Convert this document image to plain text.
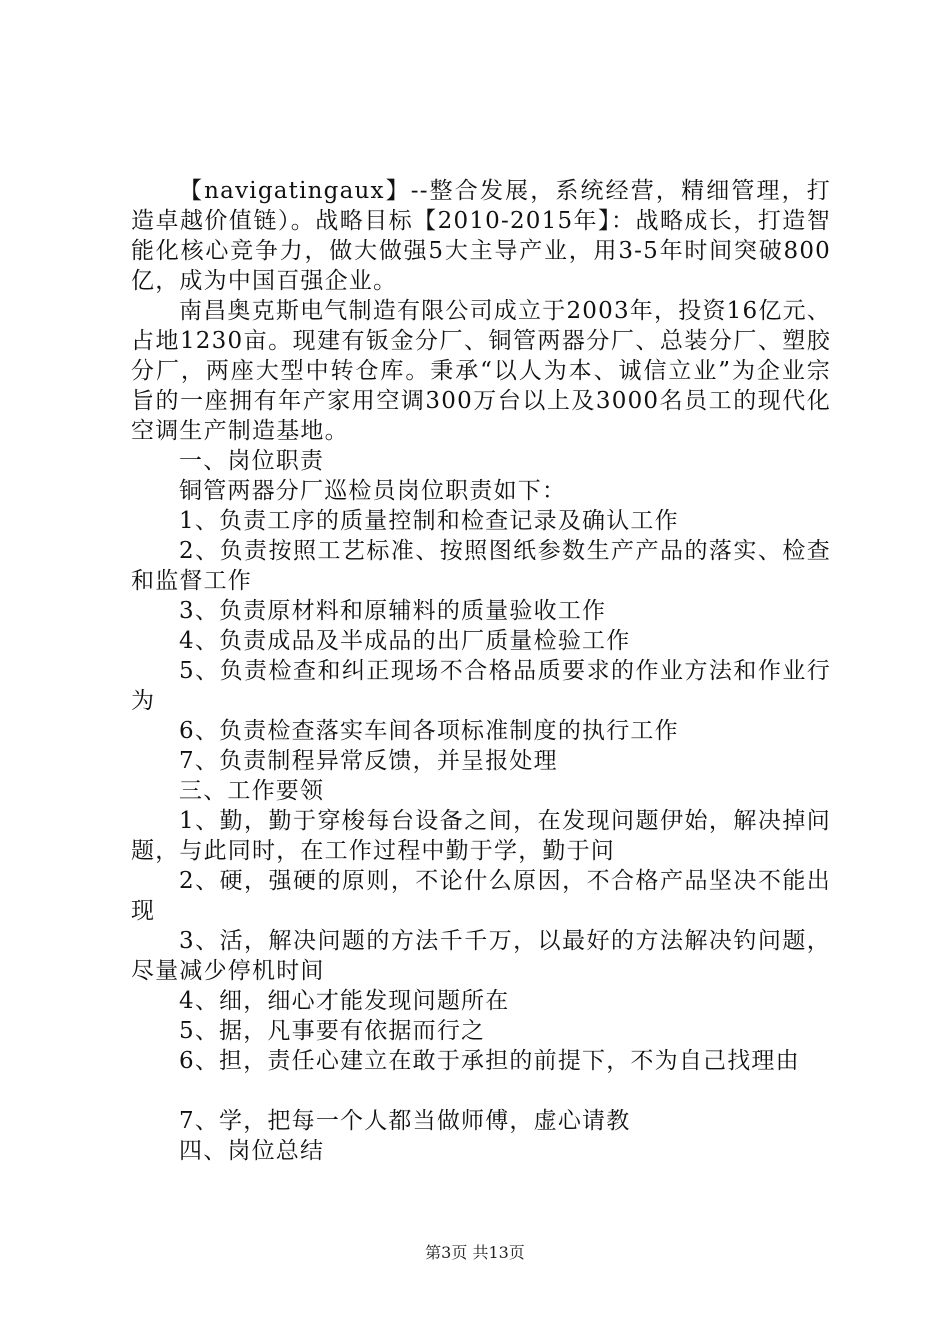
【navigatingaux】--整合发展，系统经营，精细管理，打造卓越价值链）。战略目标【2010-2015年】：战略成长，打造智能化核心竞争力，做大做强5大主导产业，用3-5年时间突破800亿，成为中国百强企业。

南昌奥克斯电气制造有限公司成立于2003年，投资16亿元、占地1230亩。现建有钣金分厂、铜管两器分厂、总装分厂、塑胶分厂，两座大型中转仓库。秉承“以人为本、诚信立业”为企业宗旨的一座拥有年产家用空调300万台以上及3000名员工的现代化空调生产制造基地。

一、岗位职责

铜管两器分厂巡检员岗位职责如下：

1、负责工序的质量控制和检查记录及确认工作

2、负责按照工艺标准、按照图纸参数生产产品的落实、检查和监督工作

3、负责原材料和原辅料的质量验收工作

4、负责成品及半成品的出厂质量检验工作

5、负责检查和纠正现场不合格品质要求的作业方法和作业行为

6、负责检查落实车间各项标准制度的执行工作

7、负责制程异常反馈，并呈报处理

三、工作要领

1、勤，勤于穿梭每台设备之间，在发现问题伊始，解决掉问题，与此同时，在工作过程中勤于学，勤于问

2、硬，强硬的原则，不论什么原因，不合格产品坚决不能出现

3、活，解决问题的方法千千万，以最好的方法解决钓问题，尽量减少停机时间

4、细，细心才能发现问题所在

5、据，凡事要有依据而行之

6、担，责任心建立在敢于承担的前提下，不为自己找理由

7、学，把每一个人都当做师傅，虚心请教

四、岗位总结

第3页 共13页
